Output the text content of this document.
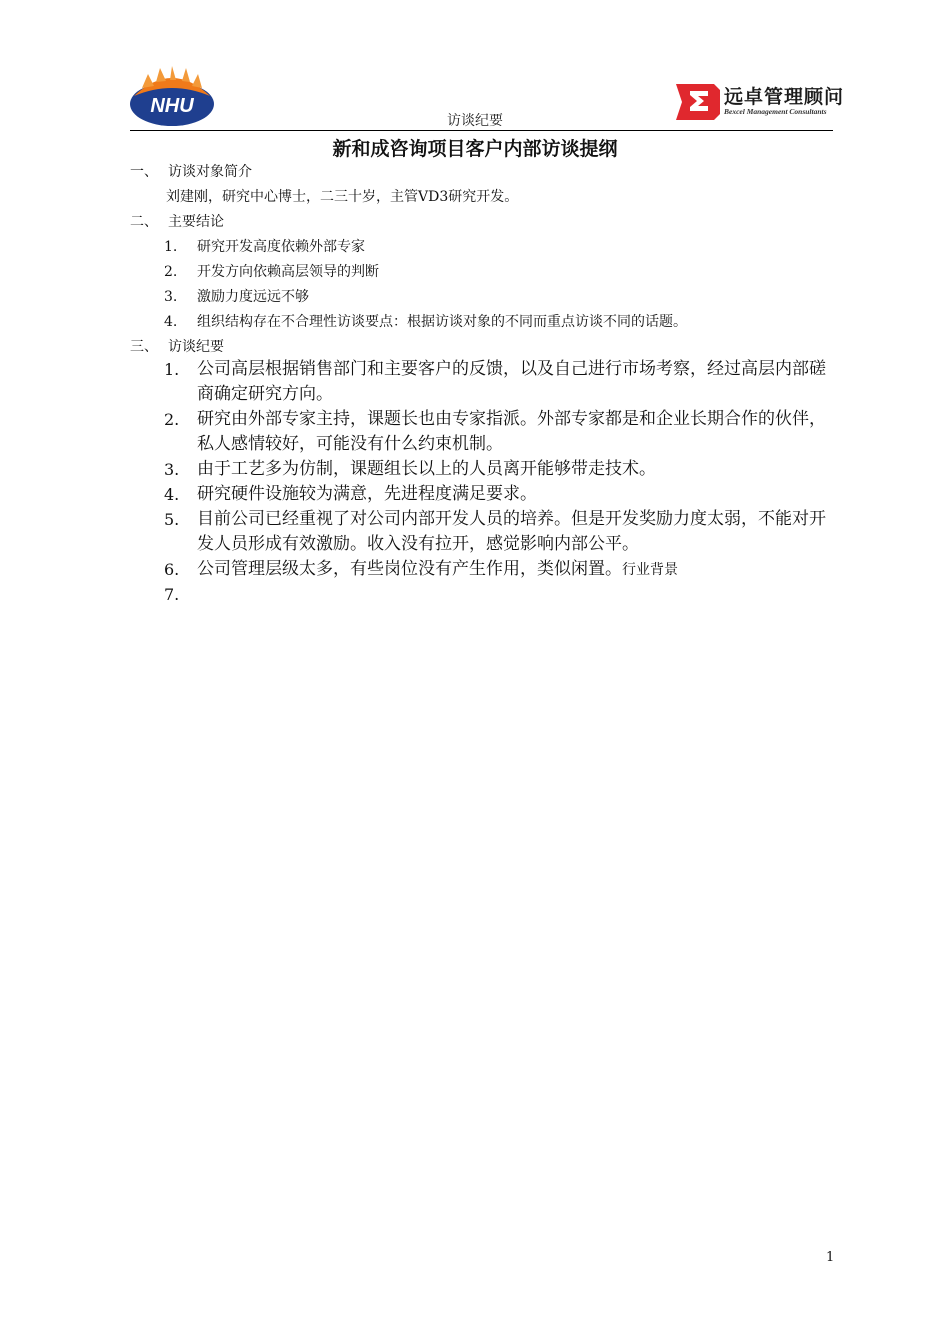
NHU
访谈纪要
远卓管理顾问
Bexcel Management Consultants
新和成咨询项目客户内部访谈提纲
一、 访谈对象简介
刘建刚，研究中心博士，二三十岁，主管VD3研究开发。
二、 主要结论
1. 研究开发高度依赖外部专家
2. 开发方向依赖高层领导的判断
3. 激励力度远远不够
4. 组织结构存在不合理性访谈要点：根据访谈对象的不同而重点访谈不同的话题。
三、 访谈纪要
1. 公司高层根据销售部门和主要客户的反馈，以及自己进行市场考察，经过高层内部磋商确定研究方向。
2. 研究由外部专家主持，课题长也由专家指派。外部专家都是和企业长期合作的伙伴，私人感情较好，可能没有什么约束机制。
3. 由于工艺多为仿制，课题组长以上的人员离开能够带走技术。
4. 研究硬件设施较为满意，先进程度满足要求。
5. 目前公司已经重视了对公司内部开发人员的培养。但是开发奖励力度太弱，不能对开发人员形成有效激励。收入没有拉开，感觉影响内部公平。
6. 公司管理层级太多，有些岗位没有产生作用，类似闲置。行业背景
7.
1
